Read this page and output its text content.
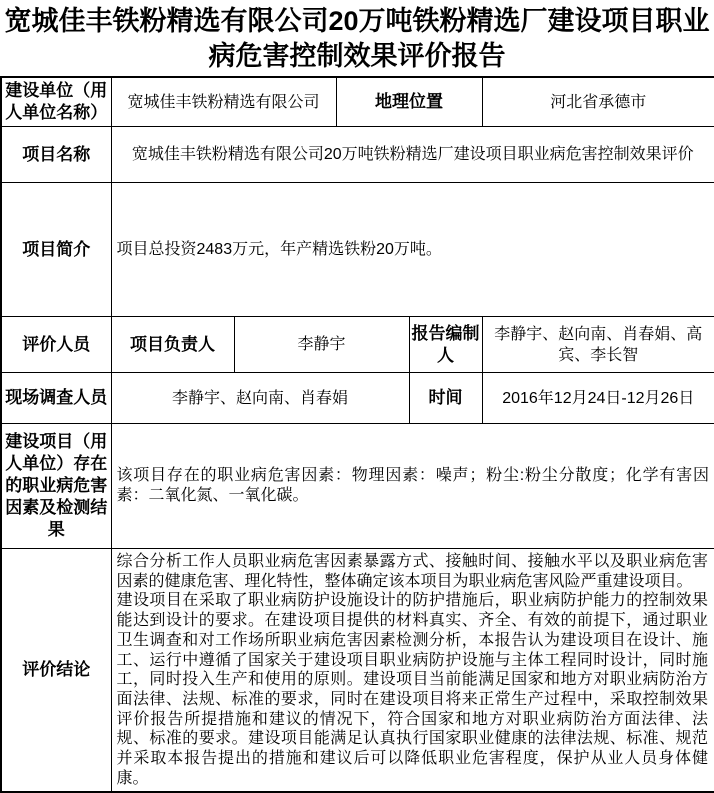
宽城佳丰铁粉精选有限公司20万吨铁粉精选厂建设项目职业病危害控制效果评价报告
建设单位（用人单位名称）	宽城佳丰铁粉精选有限公司		地理位置		河北省承德市
项目名称	宽城佳丰铁粉精选有限公司20万吨铁粉精选厂建设项目职业病危害控制效果评价				
项目简介	项目总投资2483万元，年产精选铁粉20万吨。				
评价人员	项目负责人	李静宇		报告编制人	李静宇、赵向南、肖春娟、高宾、李长智
现场调查人员	李静宇、赵向南、肖春娟			时间	2016年12月24日-12月26日
建设项目（用人单位）存在的职业病危害因素及检测结果	该项目存在的职业病危害因素：物理因素：噪声；粉尘:粉尘分散度；化学有害因素：二氧化氮、一氧化碳。				
评价结论	综合分析工作人员职业病危害因素暴露方式、接触时间、接触水平以及职业病危害因素的健康危害、理化特性，整体确定该本项目为职业病危害风险严重建设项目。

建设项目在采取了职业病防护设施设计的防护措施后，职业病防护能力的控制效果能达到设计的要求。在建设项目提供的材料真实、齐全、有效的前提下，通过职业卫生调查和对工作场所职业病危害因素检测分析，本报告认为建设项目在设计、施工、运行中遵循了国家关于建设项目职业病防护设施与主体工程同时设计，同时施工，同时投入生产和使用的原则。建设项目当前能满足国家和地方对职业病防治方面法律、法规、标准的要求，同时在建设项目将来正常生产过程中，采取控制效果评价报告所提措施和建议的情况下，符合国家和地方对职业病防治方面法律、法规、标准的要求。建设项目能满足认真执行国家职业健康的法律法规、标准、规范并采取本报告提出的措施和建议后可以降低职业危害程度，保护从业人员身体健康。				
